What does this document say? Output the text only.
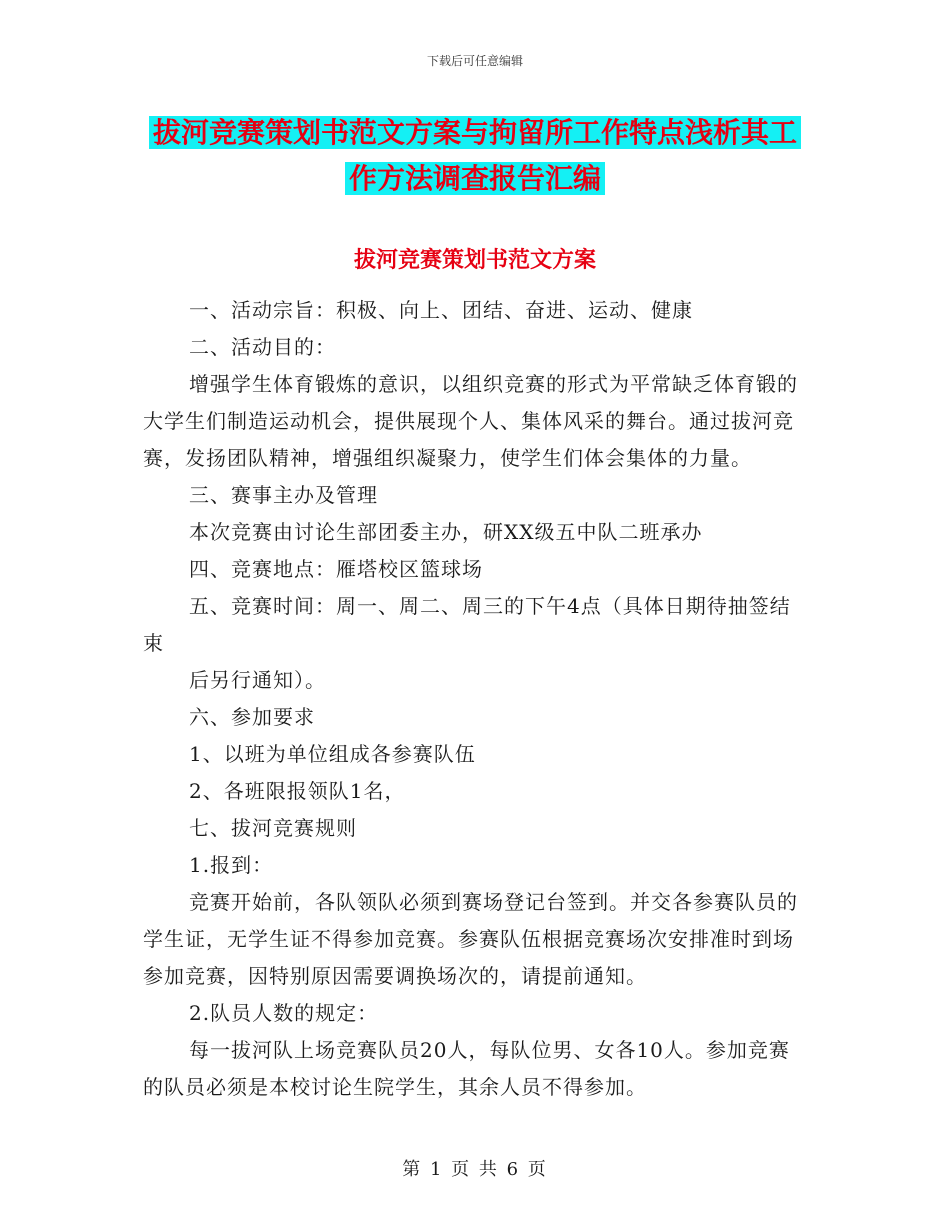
下载后可任意编辑
拔河竞赛策划书范文方案与拘留所工作特点浅析其工
作方法调查报告汇编
拔河竞赛策划书范文方案

一、活动宗旨：积极、向上、团结、奋进、运动、健康

二、活动目的：

增强学生体育锻炼的意识，以组织竞赛的形式为平常缺乏体育锻的大学生们制造运动机会，提供展现个人、集体风采的舞台。通过拔河竞赛，发扬团队精神，增强组织凝聚力，使学生们体会集体的力量。

三、赛事主办及管理

本次竞赛由讨论生部团委主办，研XX级五中队二班承办

四、竞赛地点：雁塔校区篮球场

五、竞赛时间：周一、周二、周三的下午4点（具体日期待抽签结束

后另行通知）。

六、参加要求

1、以班为单位组成各参赛队伍

2、各班限报领队1名，

七、拔河竞赛规则

1.报到：

竞赛开始前，各队领队必须到赛场登记台签到。并交各参赛队员的学生证，无学生证不得参加竞赛。参赛队伍根据竞赛场次安排准时到场参加竞赛，因特别原因需要调换场次的，请提前通知。

2.队员人数的规定：

每一拔河队上场竞赛队员20人，每队位男、女各10人。参加竞赛的队员必须是本校讨论生院学生，其余人员不得参加。

第 1 页 共 6 页
